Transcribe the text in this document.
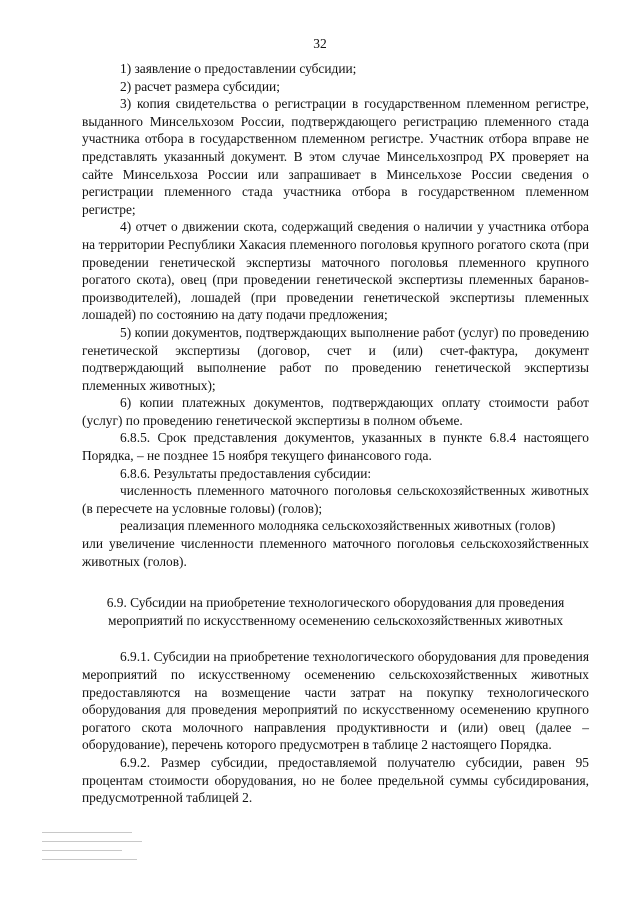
32

1) заявление о предоставлении субсидии;

2) расчет размера субсидии;

3) копия свидетельства о регистрации в государственном племенном регистре, выданного Минсельхозом России, подтверждающего регистрацию племенного стада участника отбора в государственном племенном регистре. Участник отбора вправе не представлять указанный документ. В этом случае Минсельхозпрод РХ проверяет на сайте Минсельхоза России или запрашивает в Минсельхозе России сведения о регистрации племенного стада участника отбора в государственном племенном регистре;

4) отчет о движении скота, содержащий сведения о наличии у участника отбора на территории Республики Хакасия племенного поголовья крупного рогатого скота (при проведении генетической экспертизы маточного поголовья племенного крупного рогатого скота), овец (при проведении генетической экспертизы племенных баранов-производителей), лошадей (при проведении генетической экспертизы племенных лошадей) по состоянию на дату подачи предложения;

5) копии документов, подтверждающих выполнение работ (услуг) по проведению генетической экспертизы (договор, счет и (или) счет-фактура, документ подтверждающий выполнение работ по проведению генетической экспертизы племенных животных);

6) копии платежных документов, подтверждающих оплату стоимости работ (услуг) по проведению генетической экспертизы в полном объеме.

6.8.5. Срок представления документов, указанных в пункте 6.8.4 настоящего Порядка, – не позднее 15 ноября текущего финансового года.

6.8.6. Результаты предоставления субсидии:

численность племенного маточного поголовья сельскохозяйственных животных (в пересчете на условные головы) (голов);

реализация племенного молодняка сельскохозяйственных животных (голов)

или увеличение численности племенного маточного поголовья сельскохозяйственных животных (голов).

6.9. Субсидии на приобретение технологического оборудования для проведения мероприятий по искусственному осеменению сельскохозяйственных животных

6.9.1. Субсидии на приобретение технологического оборудования для проведения мероприятий по искусственному осеменению сельскохозяйственных животных предоставляются на возмещение части затрат на покупку технологического оборудования для проведения мероприятий по искусственному осеменению крупного рогатого скота молочного направления продуктивности и (или) овец (далее – оборудование), перечень которого предусмотрен в таблице 2 настоящего Порядка.

6.9.2. Размер субсидии, предоставляемой получателю субсидии, равен 95 процентам стоимости оборудования, но не более предельной суммы субсидирования, предусмотренной таблицей 2.
